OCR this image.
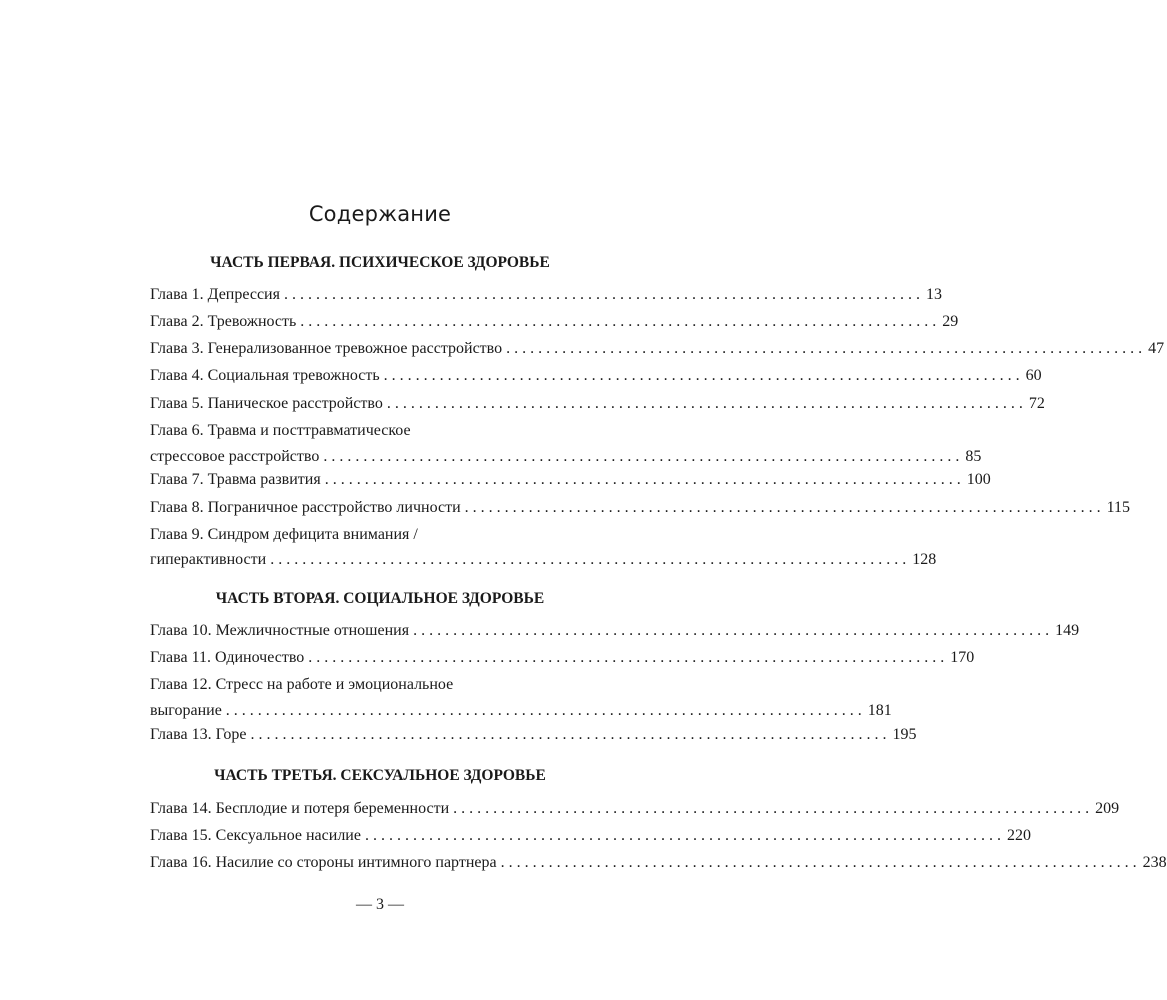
Содержание
ЧАСТЬ ПЕРВАЯ. ПСИХИЧЕСКОЕ ЗДОРОВЬЕ
Глава 1. Депрессия . . . . . . . . . . . . . . . . . . . . . . . . . . . . . . . . . . . . . . . . . . . . . . . . . . . . . . . . . . . . . . . . . . . . . . . . . . . . . . . . 13
Глава 2. Тревожность . . . . . . . . . . . . . . . . . . . . . . . . . . . . . . . . . . . . . . . . . . . . . . . . . . . . . . . . . . . . . . . . . . . . . . . . . . . . . . . . 29
Глава 3. Генерализованное тревожное расстройство . . . . . . . . . . . . . . . . . . . . . . . . . . . . . . . . . . . . . . . . . . . . . . . . . . . . . . . . . . . . . . . . . . . . . . . . . . . . . . . . 47
Глава 4. Социальная тревожность . . . . . . . . . . . . . . . . . . . . . . . . . . . . . . . . . . . . . . . . . . . . . . . . . . . . . . . . . . . . . . . . . . . . . . . . . . . . . . . . 60
Глава 5. Паническое расстройство . . . . . . . . . . . . . . . . . . . . . . . . . . . . . . . . . . . . . . . . . . . . . . . . . . . . . . . . . . . . . . . . . . . . . . . . . . . . . . . . 72
Глава 6. Травма и посттравматическое
стрессовое расстройство . . . . . . . . . . . . . . . . . . . . . . . . . . . . . . . . . . . . . . . . . . . . . . . . . . . . . . . . . . . . . . . . . . . . . . . . . . . . . . . . 85
Глава 7. Травма развития . . . . . . . . . . . . . . . . . . . . . . . . . . . . . . . . . . . . . . . . . . . . . . . . . . . . . . . . . . . . . . . . . . . . . . . . . . . . . . . . 100
Глава 8. Пограничное расстройство личности . . . . . . . . . . . . . . . . . . . . . . . . . . . . . . . . . . . . . . . . . . . . . . . . . . . . . . . . . . . . . . . . . . . . . . . . . . . . . . . . 115
Глава 9. Синдром дефицита внимания /
гиперактивности . . . . . . . . . . . . . . . . . . . . . . . . . . . . . . . . . . . . . . . . . . . . . . . . . . . . . . . . . . . . . . . . . . . . . . . . . . . . . . . . 128
ЧАСТЬ ВТОРАЯ. СОЦИАЛЬНОЕ ЗДОРОВЬЕ
Глава 10. Межличностные отношения . . . . . . . . . . . . . . . . . . . . . . . . . . . . . . . . . . . . . . . . . . . . . . . . . . . . . . . . . . . . . . . . . . . . . . . . . . . . . . . . 149
Глава 11. Одиночество . . . . . . . . . . . . . . . . . . . . . . . . . . . . . . . . . . . . . . . . . . . . . . . . . . . . . . . . . . . . . . . . . . . . . . . . . . . . . . . . 170
Глава 12. Стресс на работе и эмоциональное
выгорание . . . . . . . . . . . . . . . . . . . . . . . . . . . . . . . . . . . . . . . . . . . . . . . . . . . . . . . . . . . . . . . . . . . . . . . . . . . . . . . . 181
Глава 13. Горе . . . . . . . . . . . . . . . . . . . . . . . . . . . . . . . . . . . . . . . . . . . . . . . . . . . . . . . . . . . . . . . . . . . . . . . . . . . . . . . . 195
ЧАСТЬ ТРЕТЬЯ. СЕКСУАЛЬНОЕ ЗДОРОВЬЕ
Глава 14. Бесплодие и потеря беременности . . . . . . . . . . . . . . . . . . . . . . . . . . . . . . . . . . . . . . . . . . . . . . . . . . . . . . . . . . . . . . . . . . . . . . . . . . . . . . . . 209
Глава 15. Сексуальное насилие . . . . . . . . . . . . . . . . . . . . . . . . . . . . . . . . . . . . . . . . . . . . . . . . . . . . . . . . . . . . . . . . . . . . . . . . . . . . . . . . 220
Глава 16. Насилие со стороны интимного партнера . . . . . . . . . . . . . . . . . . . . . . . . . . . . . . . . . . . . . . . . . . . . . . . . . . . . . . . . . . . . . . . . . . . . . . . . . . . . . . . . 238
— 3 —
